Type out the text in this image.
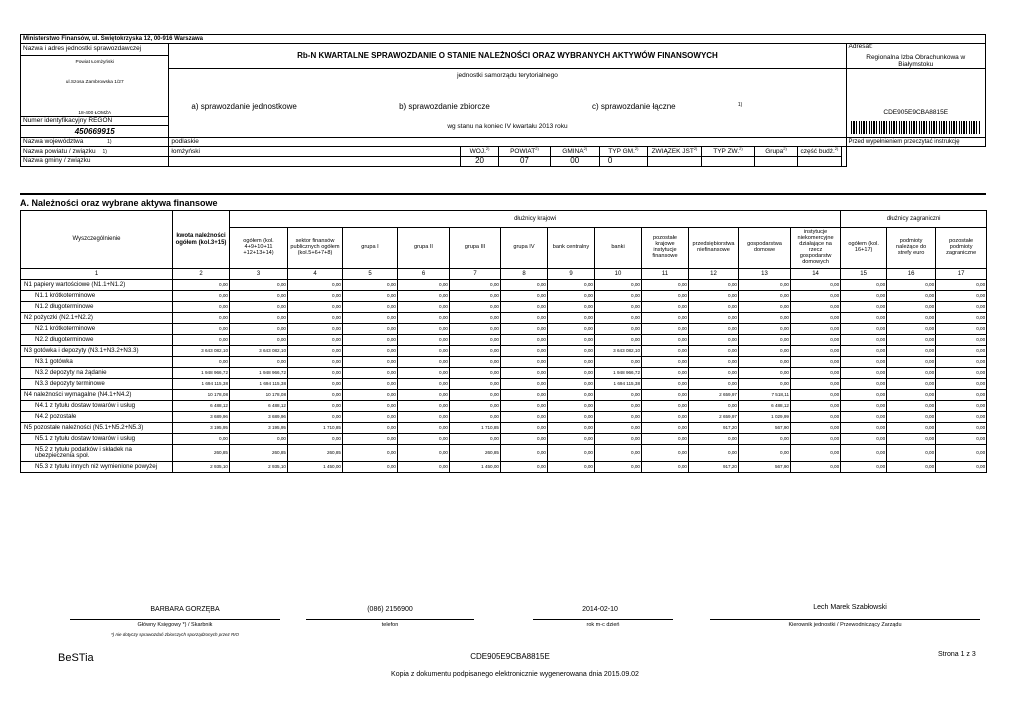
Ministerstwo Finansów, ul. Świętokrzyska 12, 00-916 Warszawa											
Nazwa i adres jednostki sprawozdawczej	Rb-N KWARTALNE SPRAWOZDANIE O STANIE NALEŻNOŚCI ORAZ WYBRANYCH AKTYWÓW FINANSOWYCH										Adresat:
Regionalna Izba Obrachunkowa w Białymstoku

Powiat Łomżyński											
ul.Szosa Zambrowska 1/27	jednostki samorządu terytorialnego										
18-400 ŁOMŻA	a) sprawozdanie jednostkowe b) sprawozdanie zbiorcze c) sprawozdanie łączne $^{1)}$										CDE905E9CBA8815E
Numer identyfikacyjny REGON	wg stanu na koniec IV kwartału 2013 roku										

450669915											
Nazwa województwa 1)	podlaskie										Przed wypełnieniem przeczytać instrukcję
Nazwa powiatu / związku 1)	łomżyński	WOJ.$^{2)}$	POWIAT$^{2)}$	GMINA$^{2)}$	TYP GM.$^{2)}$	ZWIĄZEK JST$^{2)}$	TYP ZW.$^{2)}$	Grupa$^{2)}$	część budż.$^{2)}$	
Nazwa gminy / związku		20	07	00	0						
A. Należności oraz wybrane aktywa finansowe
Wyszczególnienie	kwota należności ogółem (kol.3+15)	dłużnicy krajowi												dłużnicy zagraniczni		
		ogółem (kol. 4+9+10+11 +12+13+14)	sektor finansów publicznych ogółem (kol.5+6+7+8)	grupa I	grupa II	grupa III	grupa IV	bank centralny	banki	pozostałe krajowe instytucje finansowe	przedsiębiorstwa niefinansowe	gospodarstwa domowe	instytucje niekomercyjne działające na rzecz gospodarstw domowych	ogółem (kol. 16+17)	podmioty należące do strefy euro	pozostałe podmioty zagraniczne
1	2	3	4	5	6	7	8	9	10	11	12	13	14	15	16	17
N1 papiery wartościowe (N1.1+N1.2)	0,00	0,00	0,00	0,00	0,00	0,00	0,00	0,00	0,00	0,00	0,00	0,00	0,00	0,00	0,00	0,00
N1.1 krótkoterminowe	0,00	0,00	0,00	0,00	0,00	0,00	0,00	0,00	0,00	0,00	0,00	0,00	0,00	0,00	0,00	0,00
N1.2 długoterminowe	0,00	0,00	0,00	0,00	0,00	0,00	0,00	0,00	0,00	0,00	0,00	0,00	0,00	0,00	0,00	0,00
N2 pożyczki (N2.1+N2.2)	0,00	0,00	0,00	0,00	0,00	0,00	0,00	0,00	0,00	0,00	0,00	0,00	0,00	0,00	0,00	0,00
N2.1 krótkoterminowe	0,00	0,00	0,00	0,00	0,00	0,00	0,00	0,00	0,00	0,00	0,00	0,00	0,00	0,00	0,00	0,00
N2.2 długoterminowe	0,00	0,00	0,00	0,00	0,00	0,00	0,00	0,00	0,00	0,00	0,00	0,00	0,00	0,00	0,00	0,00
N3 gotówka i depozyty (N3.1+N3.2+N3.3)	3 643 082,10	3 643 082,10	0,00	0,00	0,00	0,00	0,00	0,00	3 643 082,10	0,00	0,00	0,00	0,00	0,00	0,00	0,00
N3.1 gotówka	0,00	0,00	0,00	0,00	0,00	0,00	0,00	0,00	0,00	0,00	0,00	0,00	0,00	0,00	0,00	0,00
N3.2 depozyty na żądanie	1 948 966,72	1 948 966,72	0,00	0,00	0,00	0,00	0,00	0,00	1 948 966,72	0,00	0,00	0,00	0,00	0,00	0,00	0,00
N3.3 depozyty terminowe	1 694 115,38	1 694 115,38	0,00	0,00	0,00	0,00	0,00	0,00	1 694 115,38	0,00	0,00	0,00	0,00	0,00	0,00	0,00
N4 należności wymagalne (N4.1+N4.2)	10 178,08	10 178,08	0,00	0,00	0,00	0,00	0,00	0,00	0,00	0,00	2 659,97	7 518,11	0,00	0,00	0,00	0,00
N4.1 z tytułu dostaw towarów i usług	6 488,12	6 488,12	0,00	0,00	0,00	0,00	0,00	0,00	0,00	0,00	0,00	6 488,12	0,00	0,00	0,00	0,00
N4.2 pozostałe	3 689,96	3 689,96	0,00	0,00	0,00	0,00	0,00	0,00	0,00	0,00	2 659,97	1 029,99	0,00	0,00	0,00	0,00
N5 pozostałe należności (N5.1+N5.2+N5.3)	3 195,95	3 195,95	1 710,85	0,00	0,00	1 710,85	0,00	0,00	0,00	0,00	917,20	567,90	0,00	0,00	0,00	0,00
N5.1 z tytułu dostaw towarów i usług	0,00	0,00	0,00	0,00	0,00	0,00	0,00	0,00	0,00	0,00	0,00	0,00	0,00	0,00	0,00	0,00
N5.2 z tytułu podatków i składek na ubezpieczenia społ.	260,85	260,85	260,85	0,00	0,00	260,85	0,00	0,00	0,00	0,00	0,00	0,00	0,00	0,00	0,00	0,00
N5.3 z tytułu innych niż wymienione powyżej	2 935,10	2 935,10	1 450,00	0,00	0,00	1 450,00	0,00	0,00	0,00	0,00	917,20	567,90	0,00	0,00	0,00	0,00
BARBARA GORZĘBA
Główny Księgowy *) / Skarbnik
*) nie dotyczy sprawozdań zbiorczych sporządzonych przez RIO
(086) 2156900
telefon
2014-02-10
rok m-c dzień
Lech Marek Szabłowski
Kierownik jednostki / Przewodniczący Zarządu
BeSTia	CDE905E9CBA8815E	Strona 1 z 3
Kopia z dokumentu podpisanego elektronicznie wygenerowana dnia 2015.09.02
